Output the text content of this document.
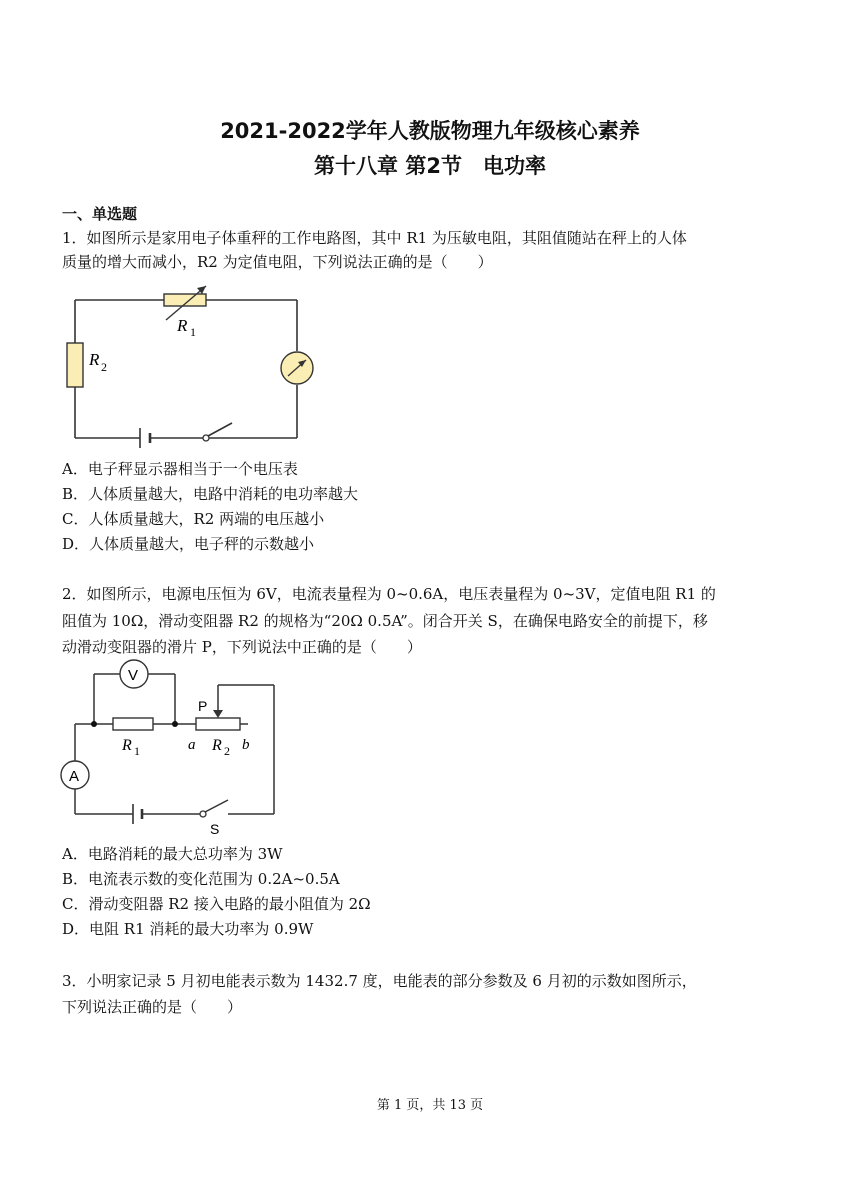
2021-2022学年人教版物理九年级核心素养
第十八章 第2节　电功率
一、单选题
1．如图所示是家用电子体重秤的工作电路图，其中 R1 为压敏电阻，其阻值随站在秤上的人体
质量的增大而减小，R2 为定值电阻，下列说法正确的是（　　）
R 1
R 2
A．电子秤显示器相当于一个电压表
B．人体质量越大，电路中消耗的电功率越大
C．人体质量越大，R2 两端的电压越小
D．人体质量越大，电子秤的示数越小
2．如图所示，电源电压恒为 6V，电流表量程为 0~0.6A，电压表量程为 0~3V，定值电阻 R1 的
阻值为 10Ω，滑动变阻器 R2 的规格为“20Ω 0.5A”。闭合开关 S，在确保电路安全的前提下，移
动滑动变阻器的滑片 P，下列说法中正确的是（　　）
V
R 1	a R 2 b
P
A
S
A．电路消耗的最大总功率为 3W
B．电流表示数的变化范围为 0.2A~0.5A
C．滑动变阻器 R2 接入电路的最小阻值为 2Ω
D．电阻 R1 消耗的最大功率为 0.9W
3．小明家记录 5 月初电能表示数为 1432.7 度，电能表的部分参数及 6 月初的示数如图所示，
下列说法正确的是（　　）
第 1 页，共 13 页
